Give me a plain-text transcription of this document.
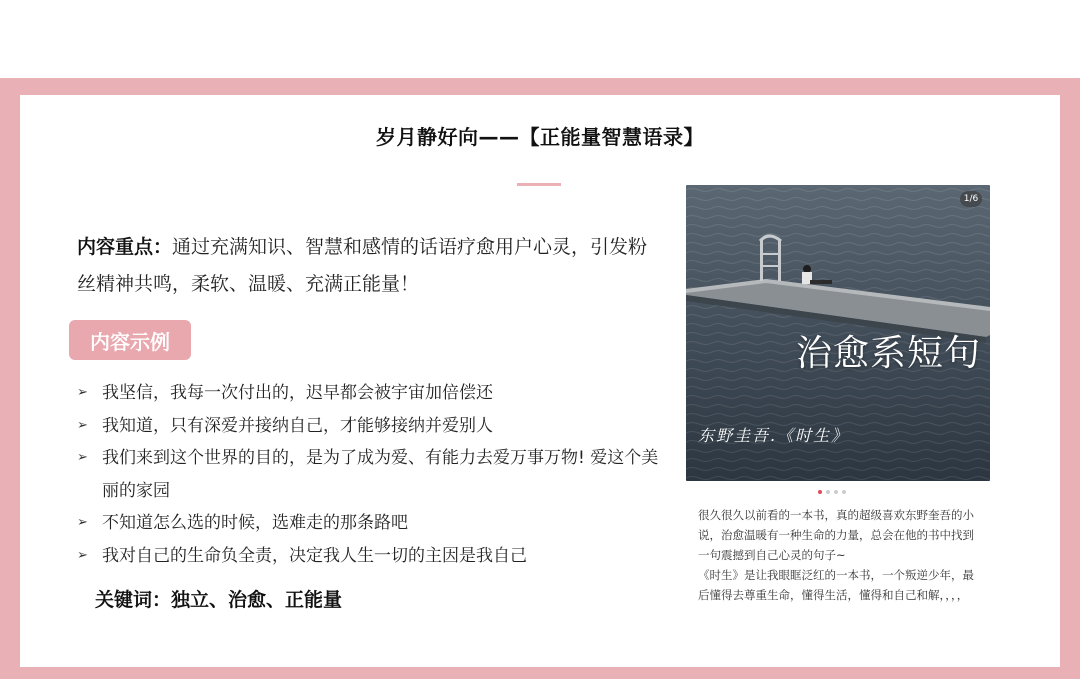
岁月静好向——【正能量智慧语录】
内容重点：通过充满知识、智慧和感情的话语疗愈用户心灵，引发粉丝精神共鸣，柔软、温暖、充满正能量！
内容示例
➢ 我坚信，我每一次付出的，迟早都会被宇宙加倍偿还
➢ 我知道，只有深爱并接纳自己，才能够接纳并爱别人
➢ 我们来到这个世界的目的，是为了成为爱、有能力去爱万事万物! 爱这个美丽的家园
➢ 不知道怎么选的时候，选难走的那条路吧
➢ 我对自己的生命负全责，决定我人生一切的主因是我自己
关键词：独立、治愈、正能量
1/6
治愈系短句
东野圭吾.《时生》

很久很久以前看的一本书，真的超级喜欢东野奎吾的小说，治愈温暖有一种生命的力量，总会在他的书中找到一句震撼到自己心灵的句子~

《时生》是让我眼眶泛红的一本书，一个叛逆少年，最后懂得去尊重生命，懂得生活，懂得和自己和解，，，，
